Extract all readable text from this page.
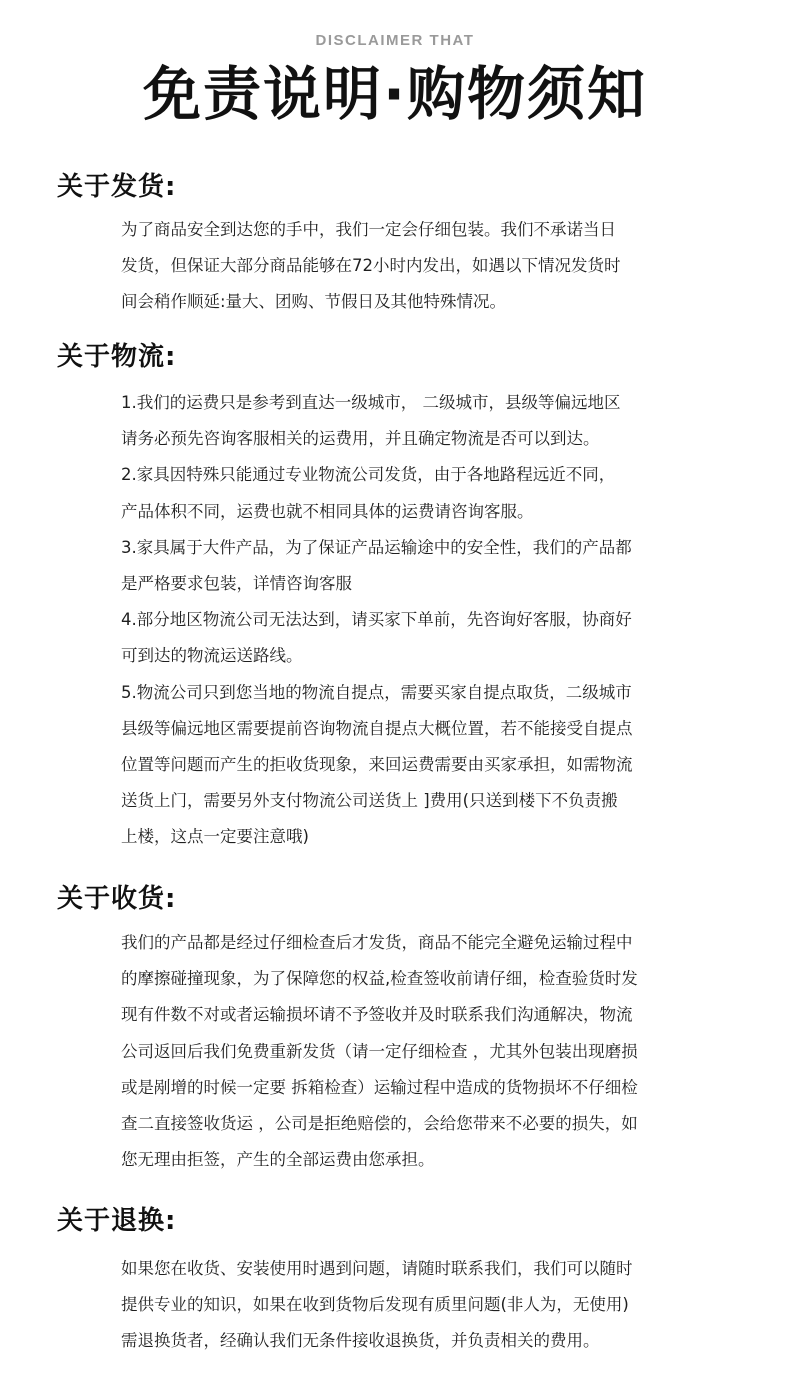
DISCLAIMER THAT
免责说明·购物须知
关于发货:
为了商品安全到达您的手中，我们一定会仔细包装。我们不承诺当日
发货，但保证大部分商品能够在72小时内发出，如遇以下情况发货时
间会稍作顺延:量大、团购、节假日及其他特殊情况。
关于物流:
1.我们的运费只是参考到直达一级城市， 二级城市，县级等偏远地区
请务必预先咨询客服相关的运费用，并且确定物流是否可以到达。
2.家具因特殊只能通过专业物流公司发货，由于各地路程远近不同，
产品体积不同，运费也就不相同具体的运费请咨询客服。
3.家具属于大件产品，为了保证产品运输途中的安全性，我们的产品都
是严格要求包装，详情咨询客服
4.部分地区物流公司无法达到，请买家下单前，先咨询好客服，协商好
可到达的物流运送路线。
5.物流公司只到您当地的物流自提点，需要买家自提点取货，二级城市
县级等偏远地区需要提前咨询物流自提点大概位置，若不能接受自提点
位置等问题而产生的拒收货现象，来回运费需要由买家承担，如需物流
送货上门，需要另外支付物流公司送货上 ]费用(只送到楼下不负责搬
上楼，这点一定要注意哦)
关于收货:
我们的产品都是经过仔细检查后才发货，商品不能完全避免运输过程中
的摩擦碰撞现象，为了保障您的权益,检查签收前请仔细，检查验货时发
现有件数不对或者运输损坏请不予签收并及时联系我们沟通解决，物流
公司返回后我们免费重新发货（请一定仔细检查 ，尤其外包装出现磨损
或是剐增的时候一定要 拆箱检查）运输过程中造成的货物损坏不仔细检
查二直接签收货运 ，公司是拒绝赔偿的，会给您带来不必要的损失，如
您无理由拒签，产生的全部运费由您承担。
关于退换:
如果您在收货、安装使用时遇到问题，请随时联系我们，我们可以随时
提供专业的知识，如果在收到货物后发现有质里问题(非人为，无使用)
需退换货者，经确认我们无条件接收退换货，并负责相关的费用。
